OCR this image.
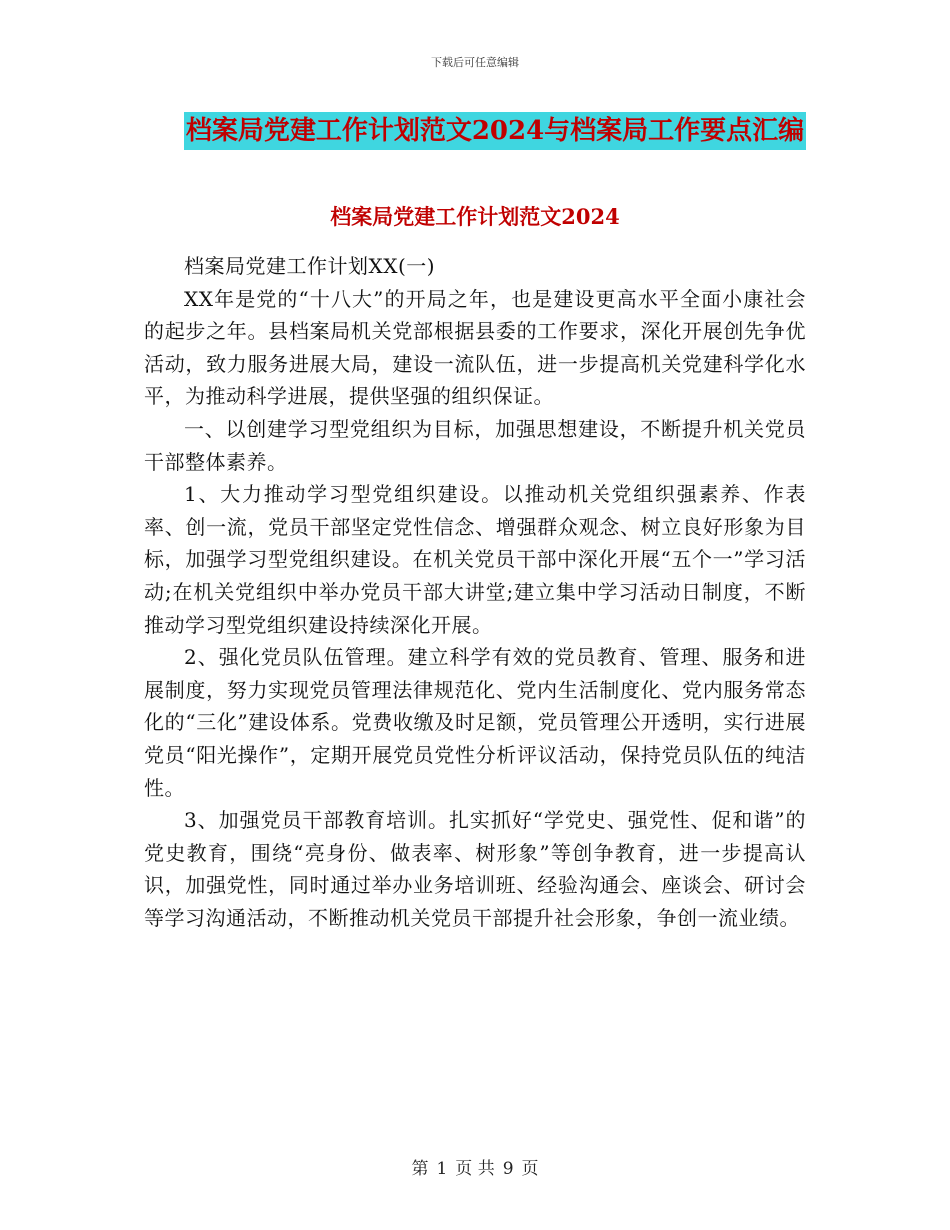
下载后可任意编辑
档案局党建工作计划范文2024与档案局工作要点汇编
档案局党建工作计划范文2024

档案局党建工作计划XX(一)

XX年是党的“十八大”的开局之年，也是建设更高水平全面小康社会的起步之年。县档案局机关党部根据县委的工作要求，深化开展创先争优活动，致力服务进展大局，建设一流队伍，进一步提高机关党建科学化水平，为推动科学进展，提供坚强的组织保证。

一、以创建学习型党组织为目标，加强思想建设，不断提升机关党员干部整体素养。

1、大力推动学习型党组织建设。以推动机关党组织强素养、作表率、创一流，党员干部坚定党性信念、增强群众观念、树立良好形象为目标，加强学习型党组织建设。在机关党员干部中深化开展“五个一”学习活动;在机关党组织中举办党员干部大讲堂;建立集中学习活动日制度，不断推动学习型党组织建设持续深化开展。

2、强化党员队伍管理。建立科学有效的党员教育、管理、服务和进展制度，努力实现党员管理法律规范化、党内生活制度化、党内服务常态化的“三化”建设体系。党费收缴及时足额，党员管理公开透明，实行进展党员“阳光操作”，定期开展党员党性分析评议活动，保持党员队伍的纯洁性。

3、加强党员干部教育培训。扎实抓好“学党史、强党性、促和谐”的党史教育，围绕“亮身份、做表率、树形象”等创争教育，进一步提高认识，加强党性，同时通过举办业务培训班、经验沟通会、座谈会、研讨会等学习沟通活动，不断推动机关党员干部提升社会形象，争创一流业绩。

第 1 页 共 9 页
